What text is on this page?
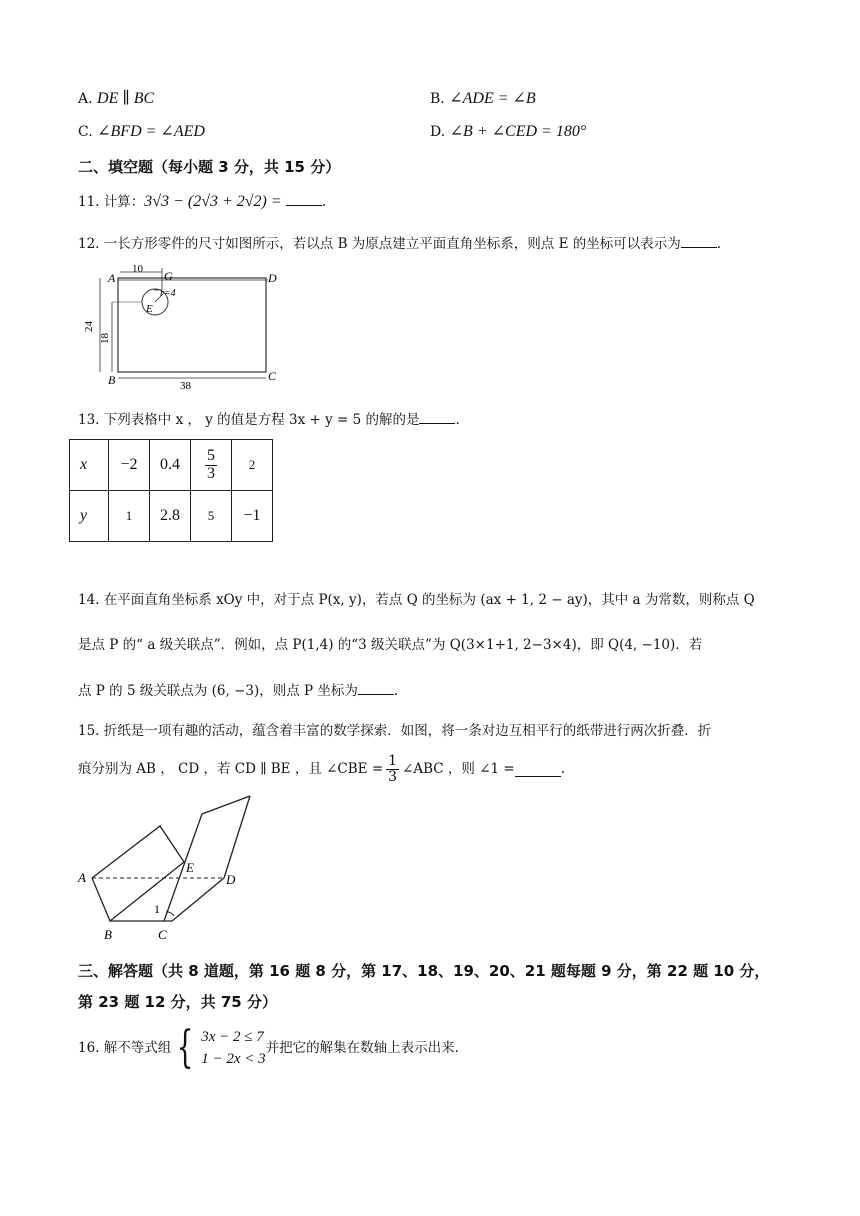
A. DE ∥ BC	B. ∠ADE = ∠B
C. ∠BFD = ∠AED	D. ∠B + ∠CED = 180°
二、填空题（每小题 3 分，共 15 分）
11. 计算：3√3 − (2√3 + 2√2) =	.
12. 一长方形零件的尺寸如图所示，若以点 B 为原点建立平面直角坐标系，则点 E 的坐标可以表示为	.
A	G	D
B	C
E
10
r=4
24
18
38
13. 下列表格中 x ， y 的值是方程 3x + y = 5 的解的是	.
x	−2	0.4	$\frac{5}{3}$	2
y	1	2.8	5	−1
14. 在平面直角坐标系 xOy 中，对于点 P(x, y)，若点 Q 的坐标为 (ax + 1, 2 − ay)，其中 a 为常数，则称点 Q
是点 P 的“ a 级关联点”．例如，点 P(1,4) 的“3 级关联点”为 Q(3×1+1, 2−3×4)，即 Q(4, −10)．若
点 P 的 5 级关联点为 (6, −3)，则点 P 坐标为	.
15. 折纸是一项有趣的活动，蕴含着丰富的数学探索．如图，将一条对边互相平行的纸带进行两次折叠．折
痕分别为 AB ， CD ，若 CD ∥ BE ，且 ∠CBE = $\frac{1}{3}$ ∠ABC ，则 ∠1 =	.
A
B	C
D
E
1
三、解答题（共 8 道题，第 16 题 8 分，第 17、18、19、20、21 题每题 9 分，第 22 题 10 分，
第 23 题 12 分，共 75 分）
16.
解不等式组 { 3x − 2 ≤ 7
1 − 2x < 3
并把它的解集在数轴上表示出来.
